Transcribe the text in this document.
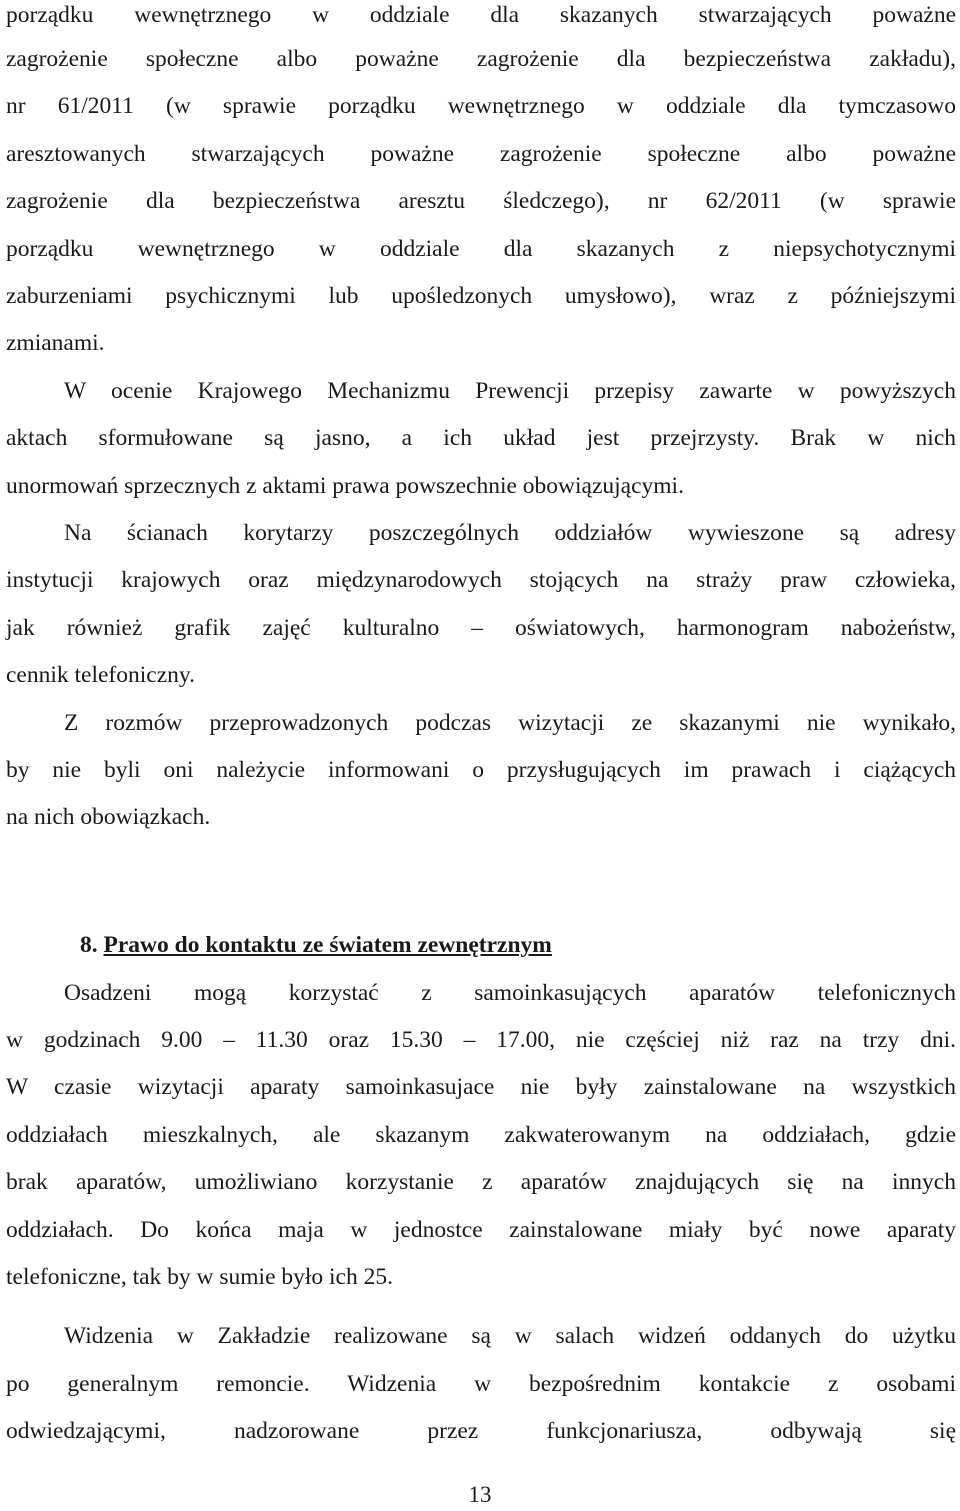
porządku wewnętrznego w oddziale dla skazanych stwarzających poważne
zagrożenie społeczne albo poważne zagrożenie dla bezpieczeństwa zakładu),
nr 61/2011 (w sprawie porządku wewnętrznego w oddziale dla tymczasowo
aresztowanych stwarzających poważne zagrożenie społeczne albo poważne
zagrożenie dla bezpieczeństwa aresztu śledczego), nr 62/2011 (w sprawie
porządku wewnętrznego w oddziale dla skazanych z niepsychotycznymi
zaburzeniami psychicznymi lub upośledzonych umysłowo), wraz z późniejszymi
zmianami.
W ocenie Krajowego Mechanizmu Prewencji przepisy zawarte w powyższych
aktach sformułowane są jasno, a ich układ jest przejrzysty. Brak w nich
unormowań sprzecznych z aktami prawa powszechnie obowiązującymi.
Na ścianach korytarzy poszczególnych oddziałów wywieszone są adresy
instytucji krajowych oraz międzynarodowych stojących na straży praw człowieka,
jak również grafik zajęć kulturalno – oświatowych, harmonogram nabożeństw,
cennik telefoniczny.
Z rozmów przeprowadzonych podczas wizytacji ze skazanymi nie wynikało,
by nie byli oni należycie informowani o przysługujących im prawach i ciążących
na nich obowiązkach.
8. Prawo do kontaktu ze światem zewnętrznym
Osadzeni mogą korzystać z samoinkasujących aparatów telefonicznych
w godzinach 9.00 – 11.30 oraz 15.30 – 17.00, nie częściej niż raz na trzy dni.
W czasie wizytacji aparaty samoinkasujace nie były zainstalowane na wszystkich
oddziałach mieszkalnych, ale skazanym zakwaterowanym na oddziałach, gdzie
brak aparatów, umożliwiano korzystanie z aparatów znajdujących się na innych
oddziałach. Do końca maja w jednostce zainstalowane miały być nowe aparaty
telefoniczne, tak by w sumie było ich 25.
Widzenia w Zakładzie realizowane są w salach widzeń oddanych do użytku
po generalnym remoncie. Widzenia w bezpośrednim kontakcie z osobami
odwiedzającymi, nadzorowane przez funkcjonariusza, odbywają się
13
